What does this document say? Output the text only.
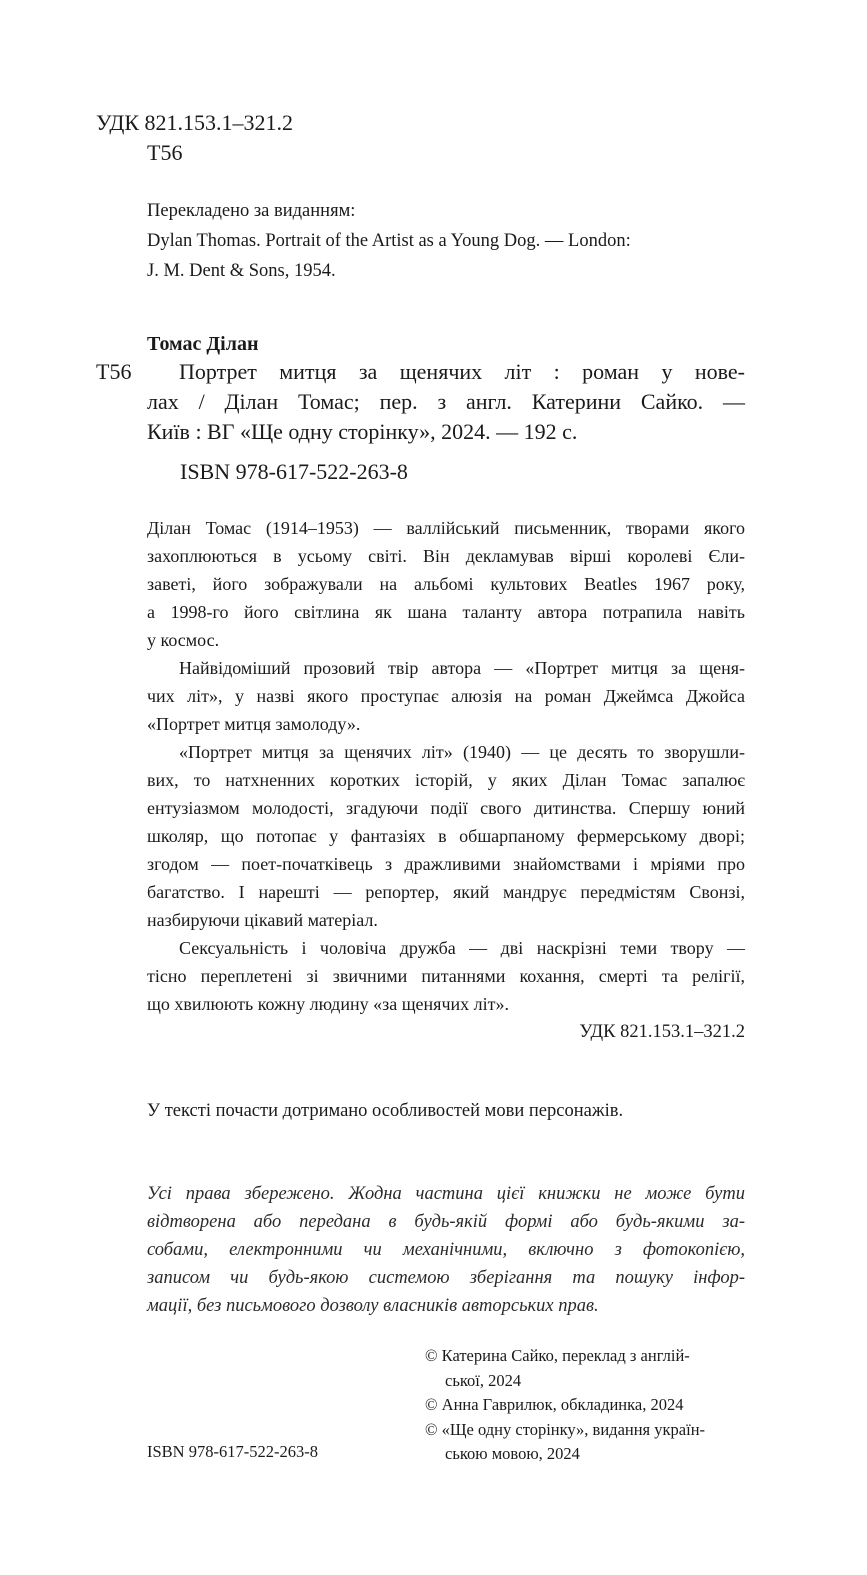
УДК 821.153.1–321.2
Т56
Перекладено за виданням:
Dylan Thomas. Portrait of the Artist as a Young Dog. — London:
J. M. Dent & Sons, 1954.
Томас Ділан
Т56	Портрет митця за щенячих літ : роман у нове-
лах / Ділан Томас; пер. з англ. Катерини Сайко. —
Київ : ВГ «Ще одну сторінку», 2024. — 192 с.
ISBN 978-617-522-263-8
Ділан Томас (1914–1953) — валлійський письменник, творами якого
захоплюються в усьому світі. Він декламував вірші королеві Єли-
заветі, його зображували на альбомі культових Beatles 1967 року,
а 1998-го його світлина як шана таланту автора потрапила навіть
у космос.
Найвідоміший прозовий твір автора — «Портрет митця за щеня-
чих літ», у назві якого проступає алюзія на роман Джеймса Джойса
«Портрет митця замолоду».
«Портрет митця за щенячих літ» (1940) — це десять то зворушли-
вих, то натхненних коротких історій, у яких Ділан Томас запалює
ентузіазмом молодості, згадуючи події свого дитинства. Спершу юний
школяр, що потопає у фантазіях в обшарпаному фермерському дворі;
згодом — поет-початківець з дражливими знайомствами і мріями про
багатство. І нарешті — репортер, який мандрує передмістям Свонзі,
назбируючи цікавий матеріал.
Сексуальність і чоловіча дружба — дві наскрізні теми твору —
тісно переплетені зі звичними питаннями кохання, смерті та релігії,
що хвилюють кожну людину «за щенячих літ».
УДК 821.153.1–321.2
У тексті почасти дотримано особливостей мови персонажів.
Усі права збережено. Жодна частина цієї книжки не може бути
відтворена або передана в будь-якій формі або будь-якими за-
собами, електронними чи механічними, включно з фотокопією,
записом чи будь-якою системою зберігання та пошуку інфор-
мації, без письмового дозволу власників авторських прав.
© Катерина Сайко, переклад з англій-
ської, 2024
© Анна Гаврилюк, обкладинка, 2024
© «Ще одну сторінку», видання україн-
ською мовою, 2024
ISBN 978-617-522-263-8
